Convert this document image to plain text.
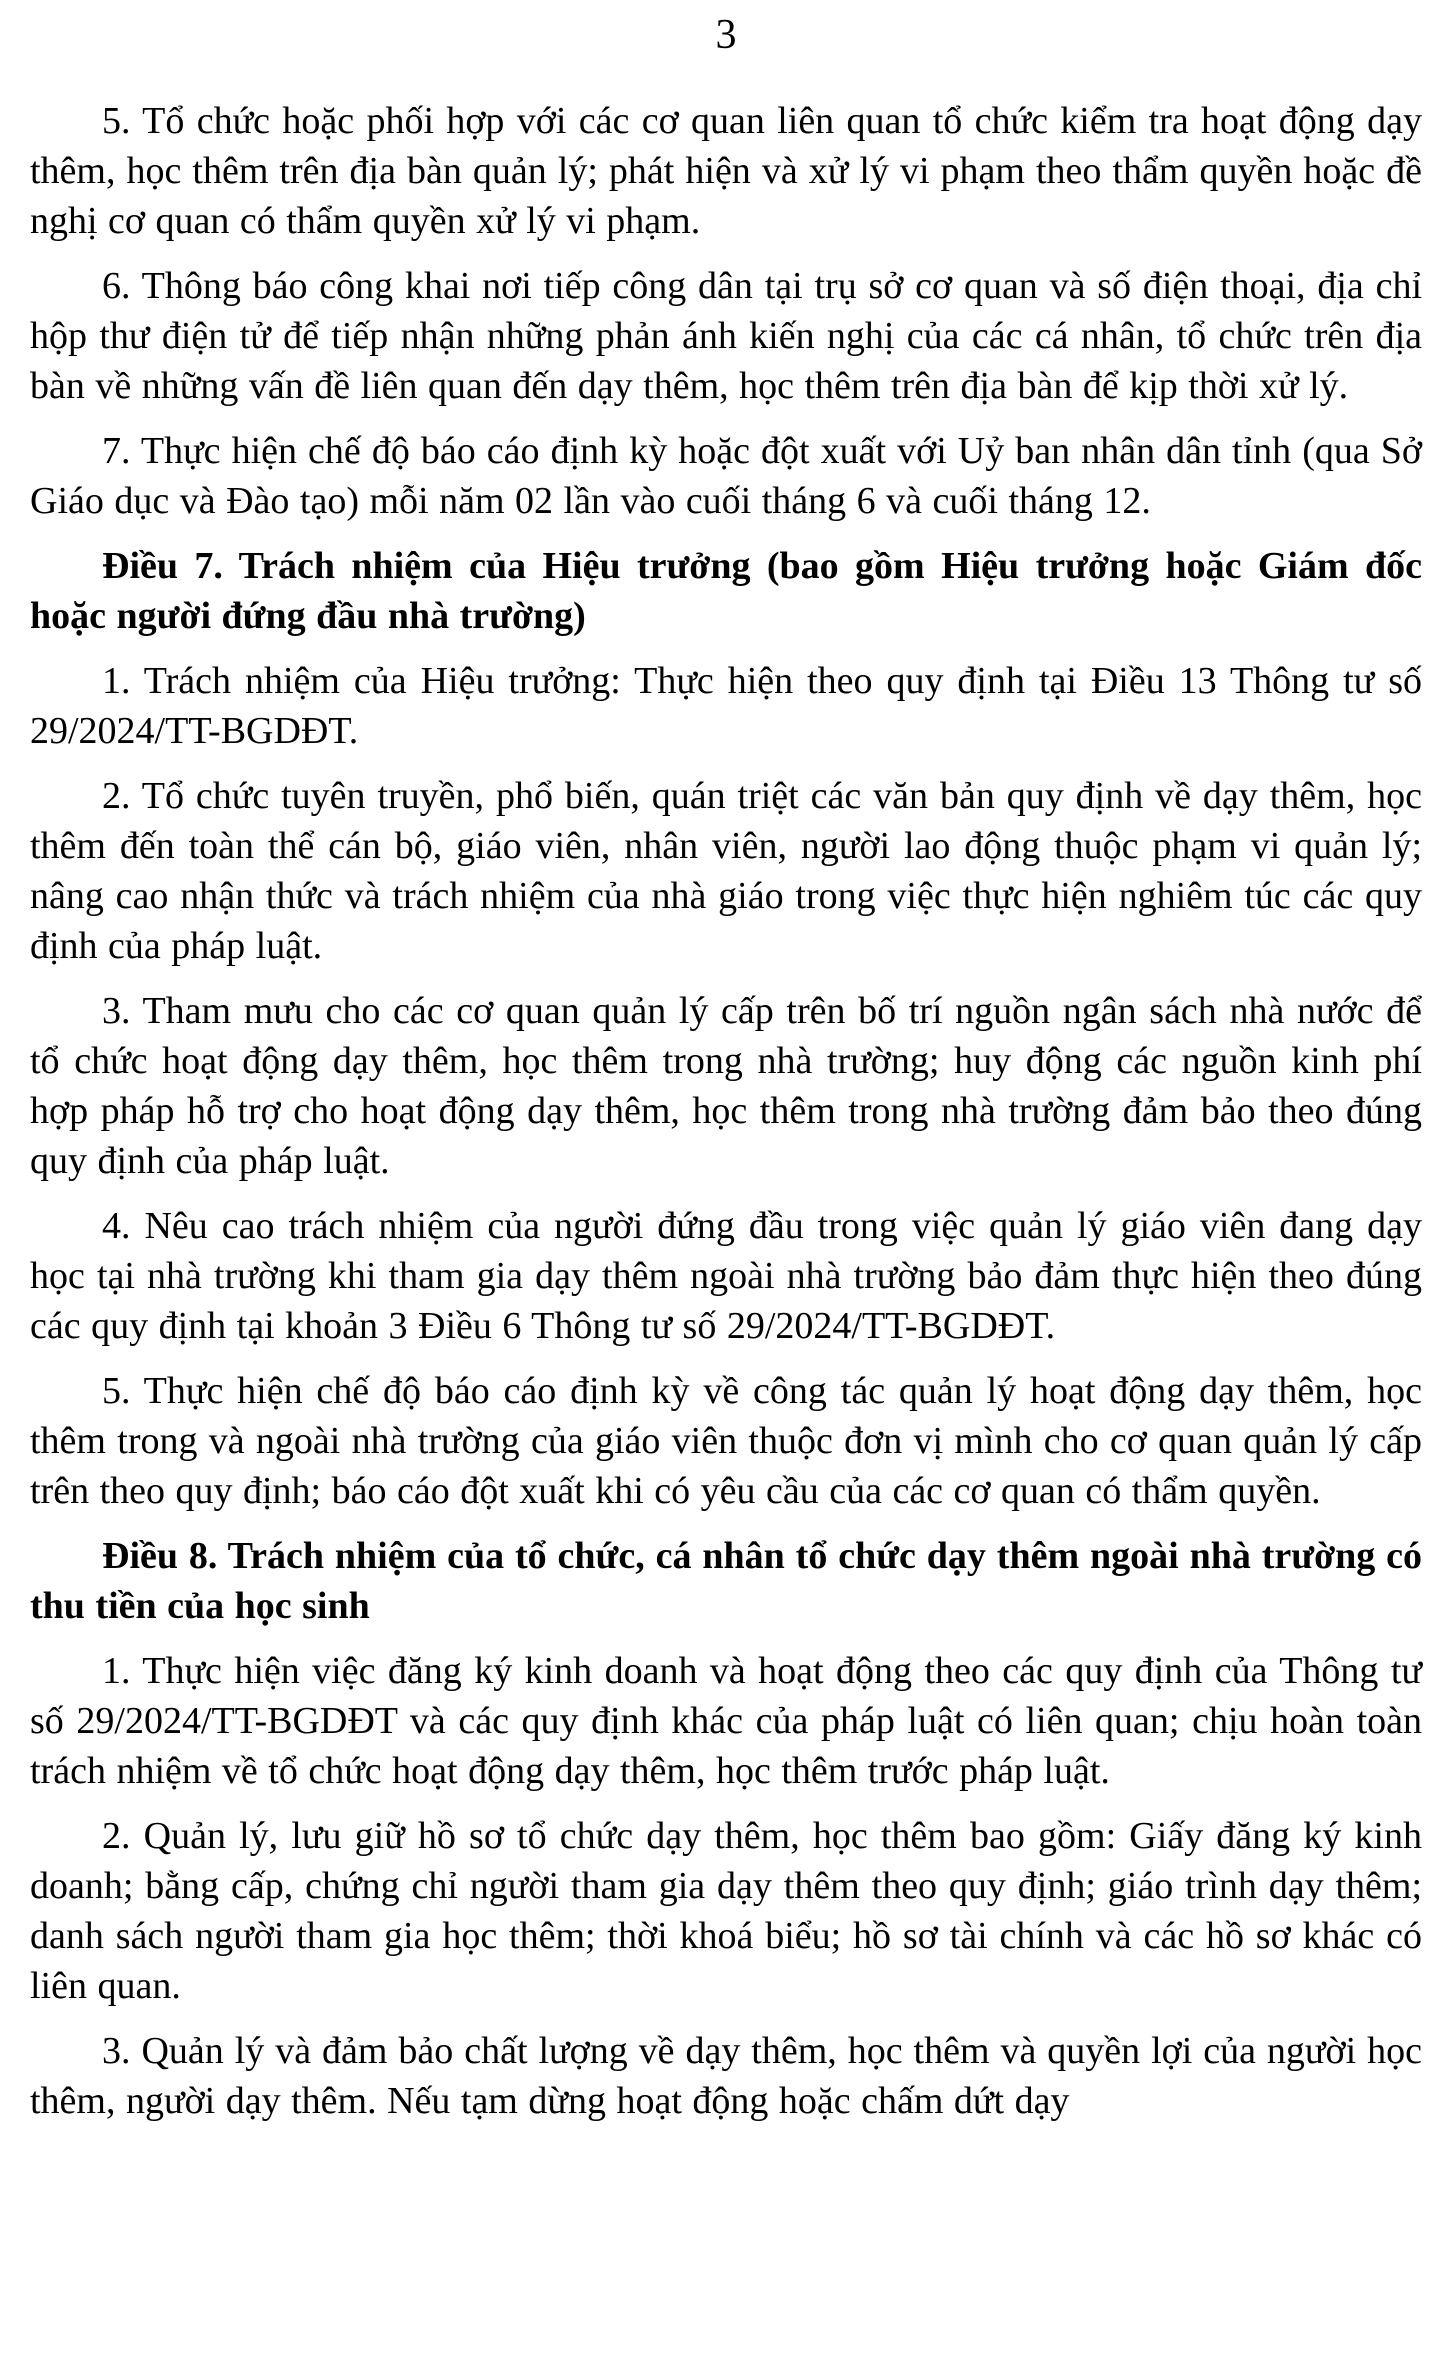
3

5. Tổ chức hoặc phối hợp với các cơ quan liên quan tổ chức kiểm tra hoạt động dạy thêm, học thêm trên địa bàn quản lý; phát hiện và xử lý vi phạm theo thẩm quyền hoặc đề nghị cơ quan có thẩm quyền xử lý vi phạm.

6. Thông báo công khai nơi tiếp công dân tại trụ sở cơ quan và số điện thoại, địa chỉ hộp thư điện tử để tiếp nhận những phản ánh kiến nghị của các cá nhân, tổ chức trên địa bàn về những vấn đề liên quan đến dạy thêm, học thêm trên địa bàn để kịp thời xử lý.

7. Thực hiện chế độ báo cáo định kỳ hoặc đột xuất với Uỷ ban nhân dân tỉnh (qua Sở Giáo dục và Đào tạo) mỗi năm 02 lần vào cuối tháng 6 và cuối tháng 12.

Điều 7. Trách nhiệm của Hiệu trưởng (bao gồm Hiệu trưởng hoặc Giám đốc hoặc người đứng đầu nhà trường)

1. Trách nhiệm của Hiệu trưởng: Thực hiện theo quy định tại Điều 13 Thông tư số 29/2024/TT-BGDĐT.

2. Tổ chức tuyên truyền, phổ biến, quán triệt các văn bản quy định về dạy thêm, học thêm đến toàn thể cán bộ, giáo viên, nhân viên, người lao động thuộc phạm vi quản lý; nâng cao nhận thức và trách nhiệm của nhà giáo trong việc thực hiện nghiêm túc các quy định của pháp luật.

3. Tham mưu cho các cơ quan quản lý cấp trên bố trí nguồn ngân sách nhà nước để tổ chức hoạt động dạy thêm, học thêm trong nhà trường; huy động các nguồn kinh phí hợp pháp hỗ trợ cho hoạt động dạy thêm, học thêm trong nhà trường đảm bảo theo đúng quy định của pháp luật.

4. Nêu cao trách nhiệm của người đứng đầu trong việc quản lý giáo viên đang dạy học tại nhà trường khi tham gia dạy thêm ngoài nhà trường bảo đảm thực hiện theo đúng các quy định tại khoản 3 Điều 6 Thông tư số 29/2024/TT-BGDĐT.

5. Thực hiện chế độ báo cáo định kỳ về công tác quản lý hoạt động dạy thêm, học thêm trong và ngoài nhà trường của giáo viên thuộc đơn vị mình cho cơ quan quản lý cấp trên theo quy định; báo cáo đột xuất khi có yêu cầu của các cơ quan có thẩm quyền.

Điều 8. Trách nhiệm của tổ chức, cá nhân tổ chức dạy thêm ngoài nhà trường có thu tiền của học sinh

1. Thực hiện việc đăng ký kinh doanh và hoạt động theo các quy định của Thông tư số 29/2024/TT-BGDĐT và các quy định khác của pháp luật có liên quan; chịu hoàn toàn trách nhiệm về tổ chức hoạt động dạy thêm, học thêm trước pháp luật.

2. Quản lý, lưu giữ hồ sơ tổ chức dạy thêm, học thêm bao gồm: Giấy đăng ký kinh doanh; bằng cấp, chứng chỉ người tham gia dạy thêm theo quy định; giáo trình dạy thêm; danh sách người tham gia học thêm; thời khoá biểu; hồ sơ tài chính và các hồ sơ khác có liên quan.

3. Quản lý và đảm bảo chất lượng về dạy thêm, học thêm và quyền lợi của người học thêm, người dạy thêm. Nếu tạm dừng hoạt động hoặc chấm dứt dạy
